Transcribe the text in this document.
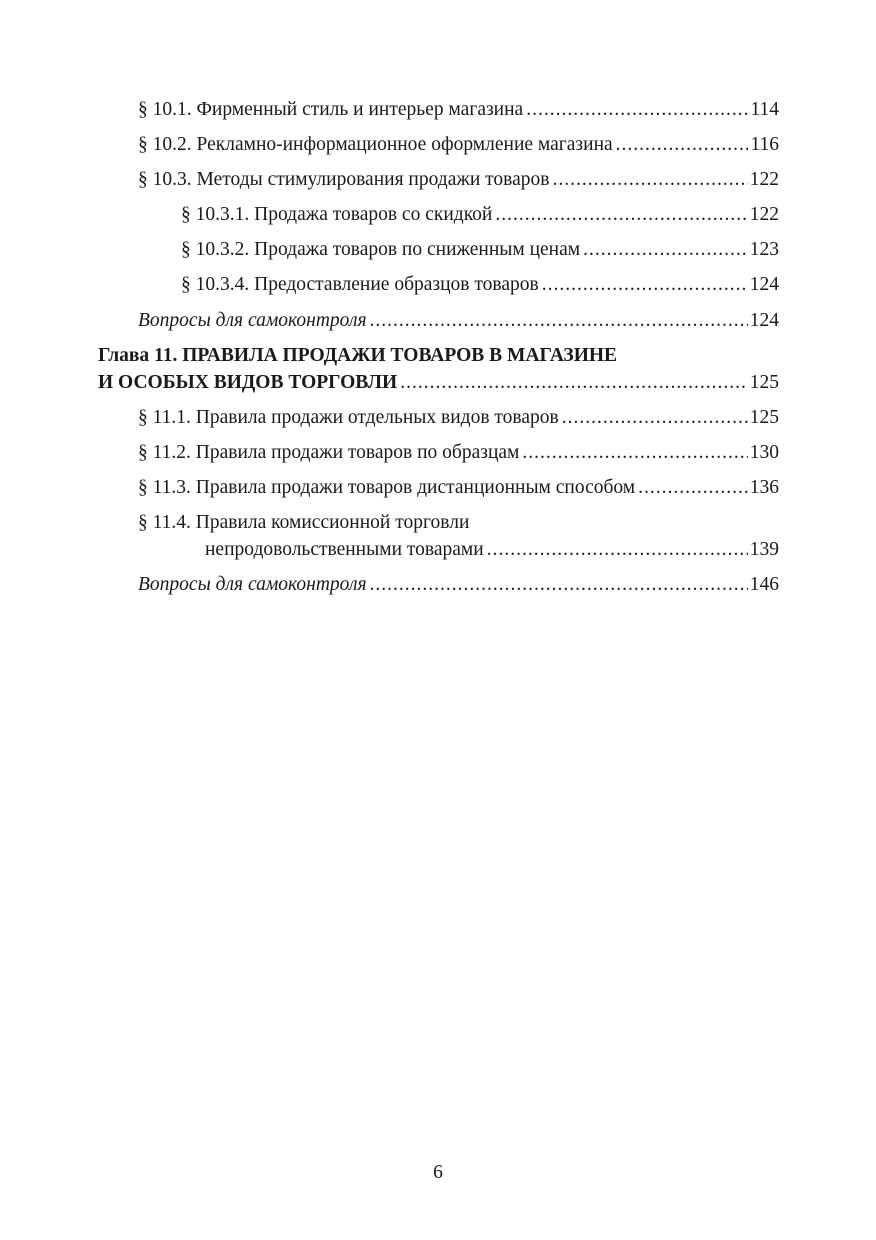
§ 10.1. Фирменный стиль и интерьер магазина .....	114
§ 10.2. Рекламно-информационное оформление магазина .....	116
§ 10.3. Методы стимулирования продажи товаров .....	122
§ 10.3.1. Продажа товаров со скидкой .....	122
§ 10.3.2. Продажа товаров по сниженным ценам .....	123
§ 10.3.4. Предоставление образцов товаров .....	124
Вопросы для самоконтроля .....	124
Глава 11. ПРАВИЛА ПРОДАЖИ ТОВАРОВ В МАГАЗИНЕ
И ОСОБЫХ ВИДОВ ТОРГОВЛИ .....	125
§ 11.1. Правила продажи отдельных видов товаров .....	125
§ 11.2. Правила продажи товаров по образцам .....	130
§ 11.3. Правила продажи товаров дистанционным способом .....	136
§ 11.4. Правила комиссионной торговли
непродовольственными товарами .....	139
Вопросы для самоконтроля .....	146
6
